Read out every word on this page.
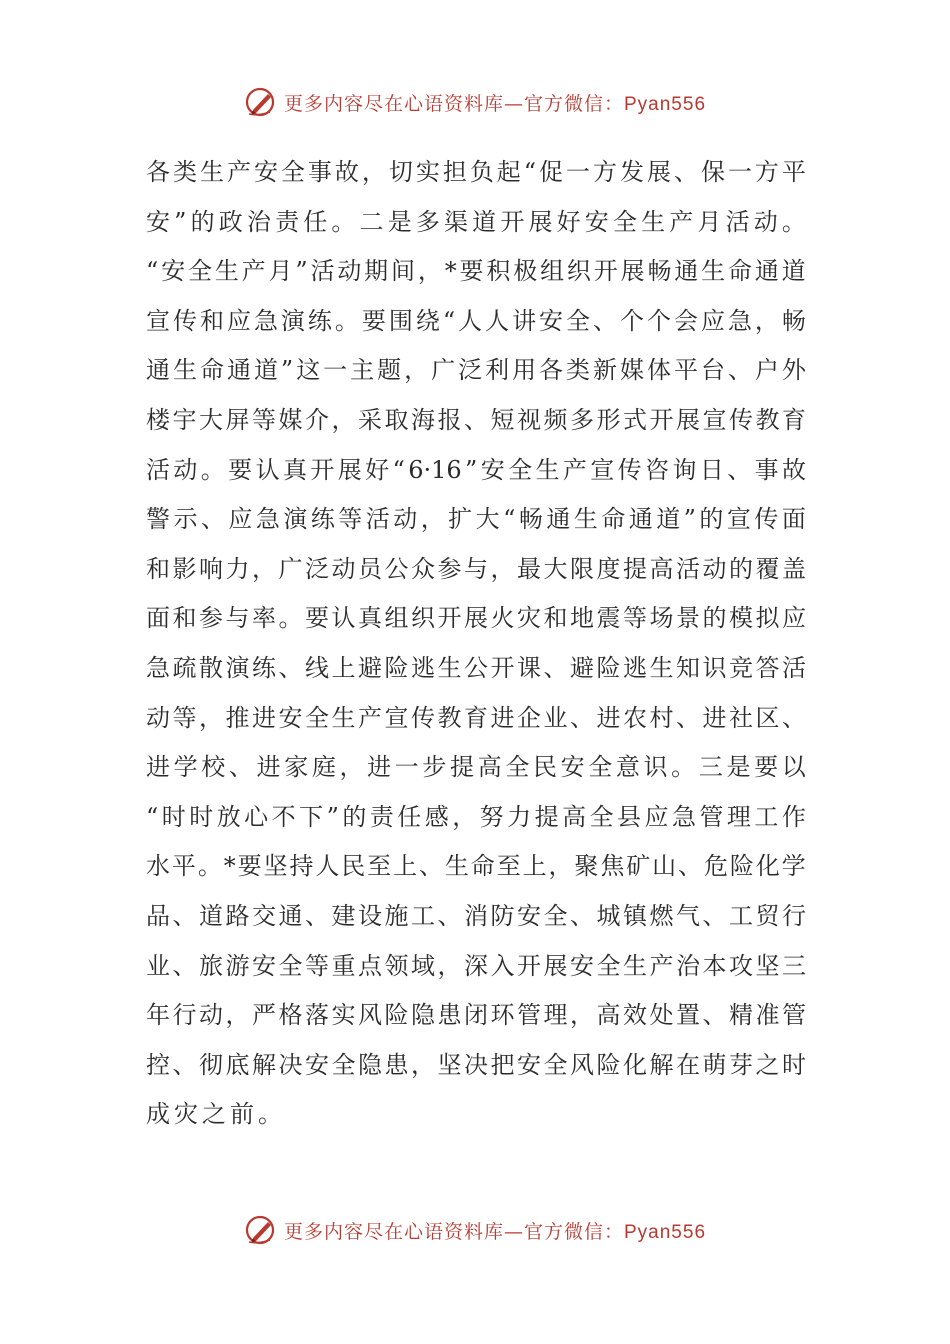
更多内容尽在心语资料库—官方微信：Pyan556
各 类 生 产 安 全 事 故 ， 切 实 担 负 起 “ 促 一 方 发 展 、 保 一 方 平
安 ” 的 政 治 责 任 。 二 是 多 渠 道 开 展 好 安 全 生 产 月 活 动 。
“ 安 全 生 产 月 ” 活 动 期 间 ， * 要 积 极 组 织 开 展 畅 通 生 命 通 道
宣 传 和 应 急 演 练 。 要 围 绕 “ 人 人 讲 安 全 、 个 个 会 应 急 ， 畅
通 生 命 通 道 ” 这 一 主 题 ， 广 泛 利 用 各 类 新 媒 体 平 台 、 户 外
楼 宇 大 屏 等 媒 介 ， 采 取 海 报 、 短 视 频 多 形 式 开 展 宣 传 教 育
活 动 。 要 认 真 开 展 好 “ 6·16 ” 安 全 生 产 宣 传 咨 询 日 、 事 故
警 示 、 应 急 演 练 等 活 动 ， 扩 大 “ 畅 通 生 命 通 道 ” 的 宣 传 面
和 影 响 力 ， 广 泛 动 员 公 众 参 与 ， 最 大 限 度 提 高 活 动 的 覆 盖
面 和 参 与 率 。 要 认 真 组 织 开 展 火 灾 和 地 震 等 场 景 的 模 拟 应
急 疏 散 演 练 、 线 上 避 险 逃 生 公 开 课 、 避 险 逃 生 知 识 竞 答 活
动 等 ， 推 进 安 全 生 产 宣 传 教 育 进 企 业 、 进 农 村 、 进 社 区 、
进 学 校 、 进 家 庭 ， 进 一 步 提 高 全 民 安 全 意 识 。 三 是 要 以
“ 时 时 放 心 不 下 ” 的 责 任 感 ， 努 力 提 高 全 县 应 急 管 理 工 作
水 平 。 * 要 坚 持 人 民 至 上 、 生 命 至 上 ， 聚 焦 矿 山 、 危 险 化 学
品 、 道 路 交 通 、 建 设 施 工 、 消 防 安 全 、 城 镇 燃 气 、 工 贸 行
业 、 旅 游 安 全 等 重 点 领 域 ， 深 入 开 展 安 全 生 产 治 本 攻 坚 三
年 行 动 ， 严 格 落 实 风 险 隐 患 闭 环 管 理 ， 高 效 处 置 、 精 准 管
控 、 彻 底 解 决 安 全 隐 患 ， 坚 决 把 安 全 风 险 化 解 在 萌 芽 之 时
成 灾 之 前 。
更多内容尽在心语资料库—官方微信：Pyan556
